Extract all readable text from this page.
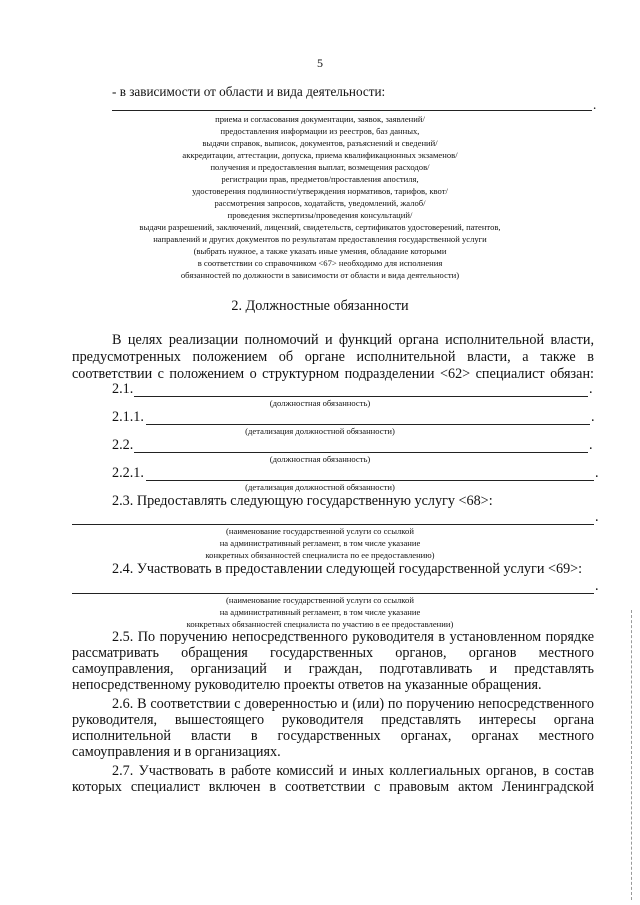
5
- в зависимости от области и вида деятельности:
.
приема и согласования документации, заявок, заявлений/
предоставления информации из реестров, баз данных,
выдачи справок, выписок, документов, разъяснений и сведений/
аккредитации, аттестации, допуска, приема квалификационных экзаменов/
получения и предоставления выплат, возмещения расходов/
регистрации прав, предметов/проставления апостиля,
удостоверения подлинности/утверждения нормативов, тарифов, квот/
рассмотрения запросов, ходатайств, уведомлений, жалоб/
проведения экспертизы/проведения консультаций/
выдачи разрешений, заключений, лицензий, свидетельств, сертификатов удостоверений, патентов,
направлений и других документов по результатам предоставления государственной услуги
(выбрать нужное, а также указать иные умения, обладание которыми
в соответствии со справочником <67> необходимо для исполнения
обязанностей по должности в зависимости от области и вида деятельности)
2. Должностные обязанности
В целях реализации полномочий и функций органа исполнительной власти,
предусмотренных положением об органе исполнительной власти, а также в
соответствии с положением о структурном подразделении <62> специалист обязан:
2.1.	.
(должностная обязанность)
2.1.1.	.
(детализация должностной обязанности)
2.2.	.
(должностная обязанность)
2.2.1.	.
(детализация должностной обязанности)
2.3. Предоставлять следующую государственную услугу <68>:
.
(наименование государственной услуги со ссылкой
на административный регламент, в том числе указание
конкретных обязанностей специалиста по ее предоставлению)
2.4. Участвовать в предоставлении следующей государственной услуги <69>:
.
(наименование государственной услуги со ссылкой
на административный регламент, в том числе указание
конкретных обязанностей специалиста по участию в ее предоставлении)
2.5. По поручению непосредственного руководителя в установленном порядке
рассматривать обращения государственных органов, органов местного
самоуправления, организаций и граждан, подготавливать и представлять
непосредственному руководителю проекты ответов на указанные обращения.
2.6. В соответствии с доверенностью и (или) по поручению непосредственного
руководителя, вышестоящего руководителя представлять интересы органа
исполнительной власти в государственных органах, органах местного
самоуправления и в организациях.
2.7. Участвовать в работе комиссий и иных коллегиальных органов, в состав
которых специалист включен в соответствии с правовым актом Ленинградской
